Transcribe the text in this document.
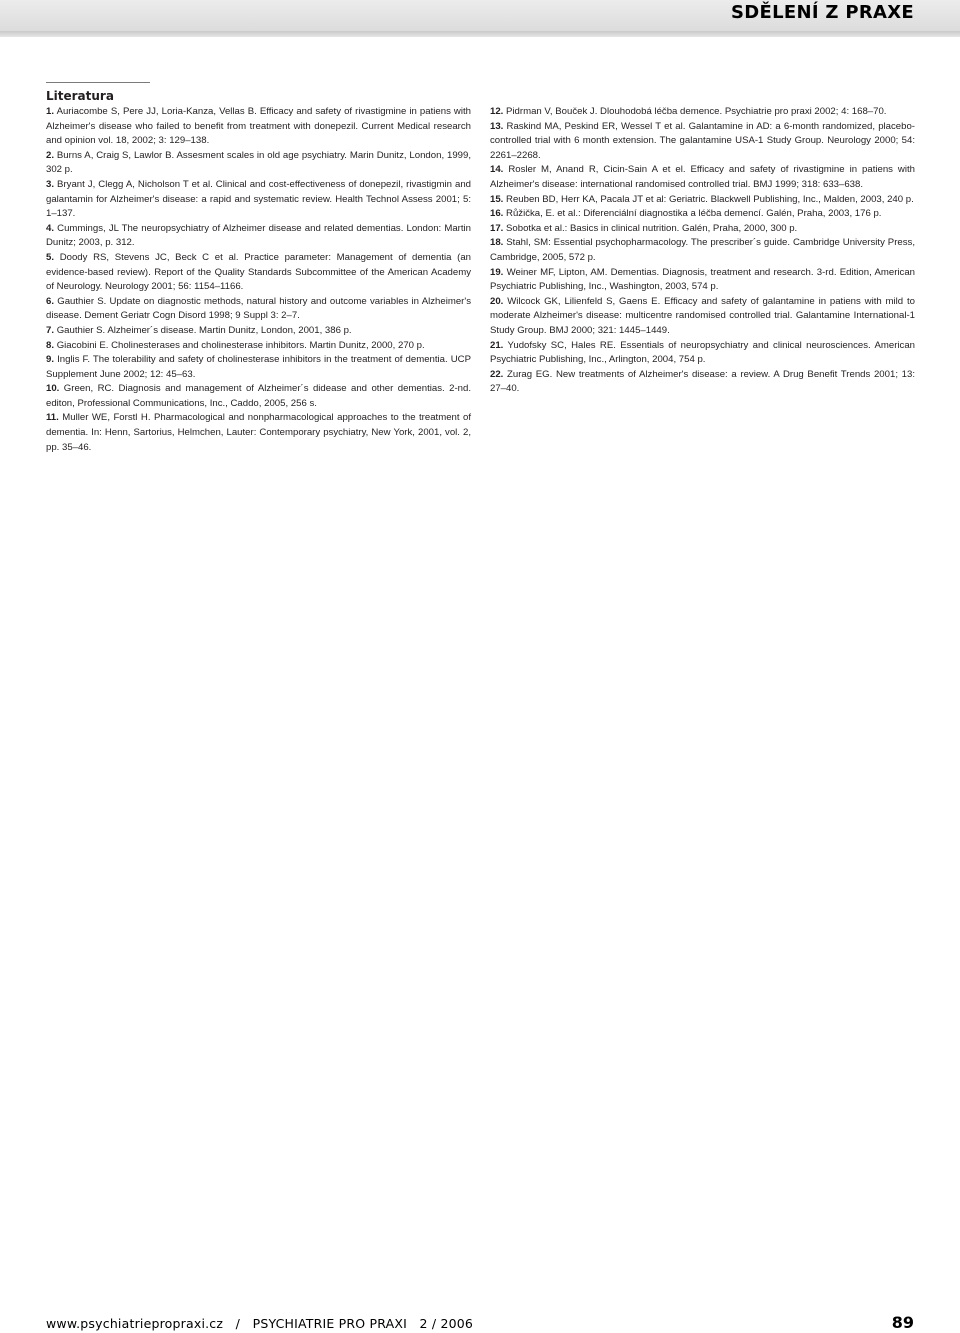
SDĚLENÍ Z PRAXE
Literatura

1. Auriacombe S, Pere JJ, Loria-Kanza, Vellas B. Efficacy and safety of rivastigmine in patiens with Alzheimer's disease who failed to benefit from treatment with donepezil. Current Medical research and opinion vol. 18, 2002; 3: 129–138.

2. Burns A, Craig S, Lawlor B. Assesment scales in old age psychiatry. Marin Dunitz, London, 1999, 302 p.

3. Bryant J, Clegg A, Nicholson T et al. Clinical and cost-effectiveness of donepezil, rivastigmin and galantamin for Alzheimer's disease: a rapid and systematic review. Health Technol Assess 2001; 5: 1–137.

4. Cummings, JL The neuropsychiatry of Alzheimer disease and related dementias. London: Martin Dunitz; 2003, p. 312.

5. Doody RS, Stevens JC, Beck C et al. Practice parameter: Management of dementia (an evidence-based review). Report of the Quality Standards Subcommittee of the American Academy of Neurology. Neurology 2001; 56: 1154–1166.

6. Gauthier S. Update on diagnostic methods, natural history and outcome variables in Alzheimer's disease. Dement Geriatr Cogn Disord 1998; 9 Suppl 3: 2–7.

7. Gauthier S. Alzheimer´s disease. Martin Dunitz, London, 2001, 386 p.

8. Giacobini E. Cholinesterases and cholinesterase inhibitors. Martin Dunitz, 2000, 270 p.

9. Inglis F. The tolerability and safety of cholinesterase inhibitors in the treatment of dementia. UCP Supplement June 2002; 12: 45–63.

10. Green, RC. Diagnosis and management of Alzheimer´s didease and other dementias. 2-nd. editon, Professional Communications, Inc., Caddo, 2005, 256 s.

11. Muller WE, Forstl H. Pharmacological and nonpharmacological approaches to the treatment of dementia. In: Henn, Sartorius, Helmchen, Lauter: Contemporary psychiatry, New York, 2001, vol. 2, pp. 35–46.

12. Pidrman V, Bouček J. Dlouhodobá léčba demence. Psychiatrie pro praxi 2002; 4: 168–70.

13. Raskind MA, Peskind ER, Wessel T et al. Galantamine in AD: a 6-month randomized, placebo-controlled trial with 6 month extension. The galantamine USA-1 Study Group. Neurology 2000; 54: 2261–2268.

14. Rosler M, Anand R, Cicin-Sain A et el. Efficacy and safety of rivastigmine in patiens with Alzheimer's disease: international randomised controlled trial. BMJ 1999; 318: 633–638.

15. Reuben BD, Herr KA, Pacala JT et al: Geriatric. Blackwell Publishing, Inc., Malden, 2003, 240 p.

16. Růžička, E. et al.: Diferenciální diagnostika a léčba demencí. Galén, Praha, 2003, 176 p.

17. Sobotka et al.: Basics in clinical nutrition. Galén, Praha, 2000, 300 p.

18. Stahl, SM: Essential psychopharmacology. The prescriber´s guide. Cambridge University Press, Cambridge, 2005, 572 p.

19. Weiner MF, Lipton, AM. Dementias. Diagnosis, treatment and research. 3-rd. Edition, American Psychiatric Publishing, Inc., Washington, 2003, 574 p.

20. Wilcock GK, Lilienfeld S, Gaens E. Efficacy and safety of galantamine in patiens with mild to moderate Alzheimer's disease: multicentre randomised controlled trial. Galantamine International-1 Study Group. BMJ 2000; 321: 1445–1449.

21. Yudofsky SC, Hales RE. Essentials of neuropsychiatry and clinical neurosciences. American Psychiatric Publishing, Inc., Arlington, 2004, 754 p.

22. Zurag EG. New treatments of Alzheimer's disease: a review. A Drug Benefit Trends 2001; 13: 27–40.

www.psychiatriepropraxi.cz   /   PSYCHIATRIE PRO PRAXI   2 / 2006	89
